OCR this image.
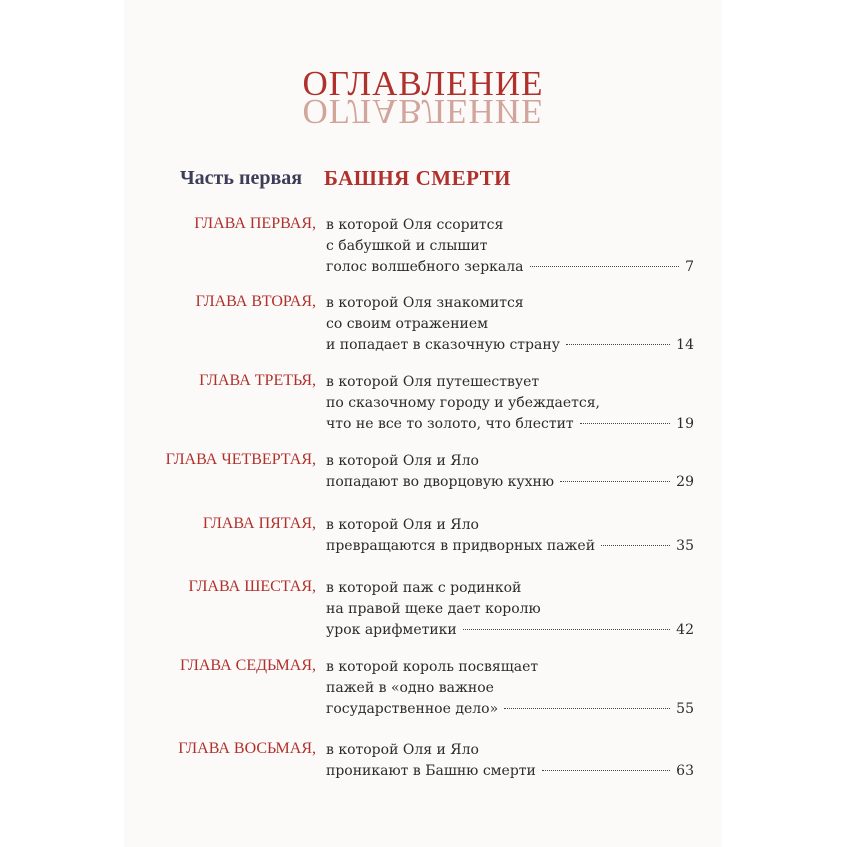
ОГЛАВЛЕНИЕ
ОГЛАВЛЕНИЕ
Часть первая БАШНЯ СМЕРТИ
ГЛАВА ПЕРВАЯ, в которой Оля ссорится
с бабушкой и слышит
голос волшебного зеркала	7
ГЛАВА ВТОРАЯ, в которой Оля знакомится
со своим отражением
и попадает в сказочную страну	14
ГЛАВА ТРЕТЬЯ, в которой Оля путешествует
по сказочному городу и убеждается,
что не все то золото, что блестит	19
ГЛАВА ЧЕТВЕРТАЯ, в которой Оля и Яло
попадают во дворцовую кухню	29
ГЛАВА ПЯТАЯ, в которой Оля и Яло
превращаются в придворных пажей	35
ГЛАВА ШЕСТАЯ, в которой паж с родинкой
на правой щеке дает королю
урок арифметики	42
ГЛАВА СЕДЬМАЯ, в которой король посвящает
пажей в «одно важное
государственное дело»	55
ГЛАВА ВОСЬМАЯ, в которой Оля и Яло
проникают в Башню смерти	63
